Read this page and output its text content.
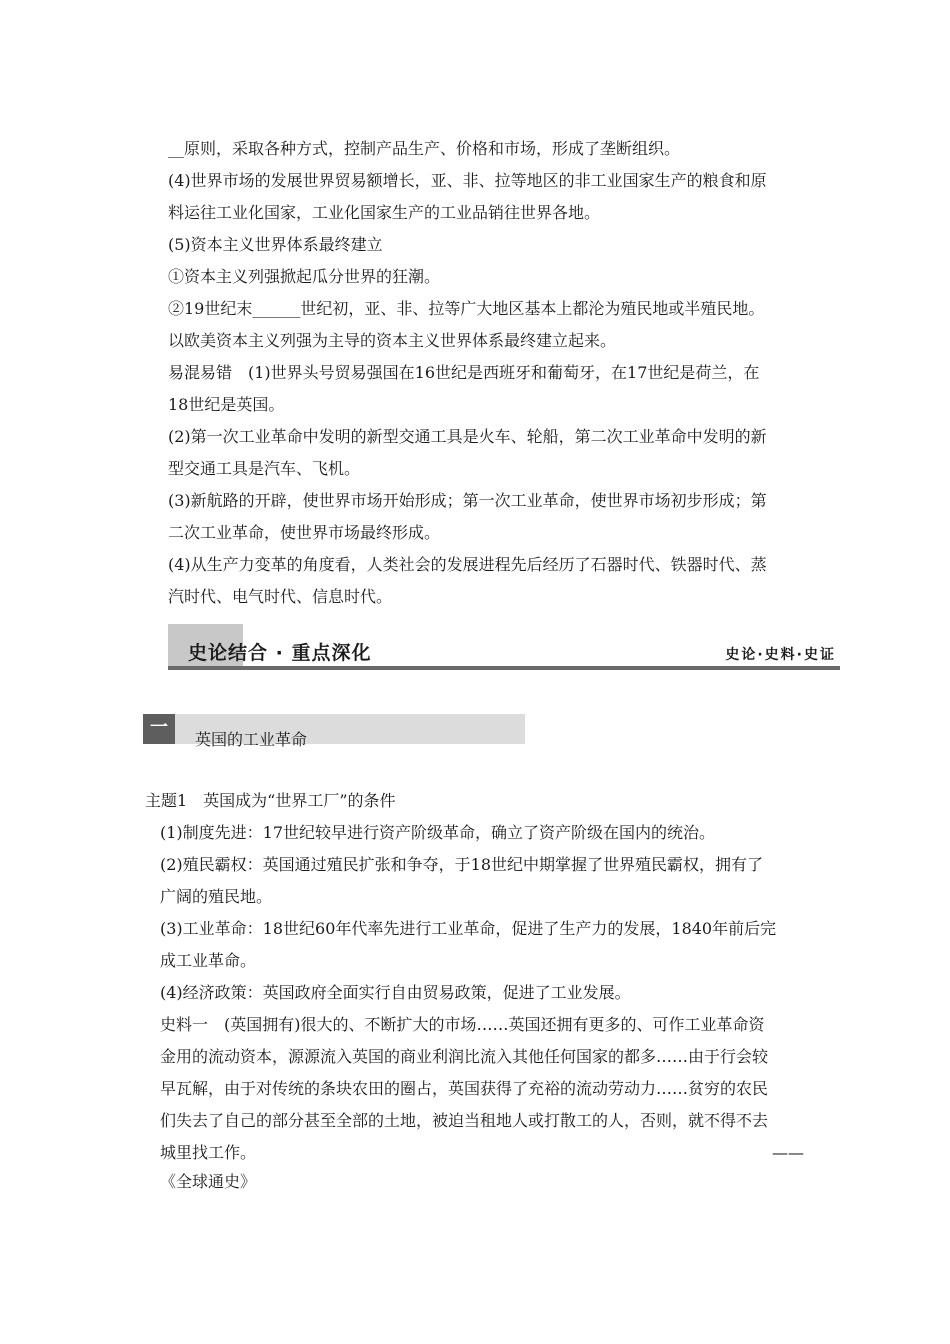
__原则，采取各种方式，控制产品生产、价格和市场，形成了垄断组织。
(4)世界市场的发展世界贸易额增长，亚、非、拉等地区的非工业国家生产的粮食和原
料运往工业化国家，工业化国家生产的工业品销往世界各地。
(5)资本主义世界体系最终建立
①资本主义列强掀起瓜分世界的狂潮。
②19世纪末______世纪初，亚、非、拉等广大地区基本上都沦为殖民地或半殖民地。
以欧美资本主义列强为主导的资本主义世界体系最终建立起来。
易混易错　(1)世界头号贸易强国在16世纪是西班牙和葡萄牙，在17世纪是荷兰，在
18世纪是英国。
(2)第一次工业革命中发明的新型交通工具是火车、轮船，第二次工业革命中发明的新
型交通工具是汽车、飞机。
(3)新航路的开辟，使世界市场开始形成；第一次工业革命，使世界市场初步形成；第
二次工业革命，使世界市场最终形成。
(4)从生产力变革的角度看，人类社会的发展进程先后经历了石器时代、铁器时代、蒸
汽时代、电气时代、信息时代。
史论结合 · 重点深化	史论·史料·史证
一
英国的工业革命
主题1　英国成为“世界工厂”的条件
(1)制度先进：17世纪较早进行资产阶级革命，确立了资产阶级在国内的统治。
(2)殖民霸权：英国通过殖民扩张和争夺，于18世纪中期掌握了世界殖民霸权，拥有了
广阔的殖民地。
(3)工业革命：18世纪60年代率先进行工业革命，促进了生产力的发展，1840年前后完
成工业革命。
(4)经济政策：英国政府全面实行自由贸易政策，促进了工业发展。
史料一　(英国拥有)很大的、不断扩大的市场……英国还拥有更多的、可作工业革命资
金用的流动资本，源源流入英国的商业利润比流入其他任何国家的都多……由于行会较
早瓦解，由于对传统的条块农田的圈占，英国获得了充裕的流动劳动力……贫穷的农民
们失去了自己的部分甚至全部的土地，被迫当租地人或打散工的人，否则，就不得不去
城里找工作。	——
《全球通史》
